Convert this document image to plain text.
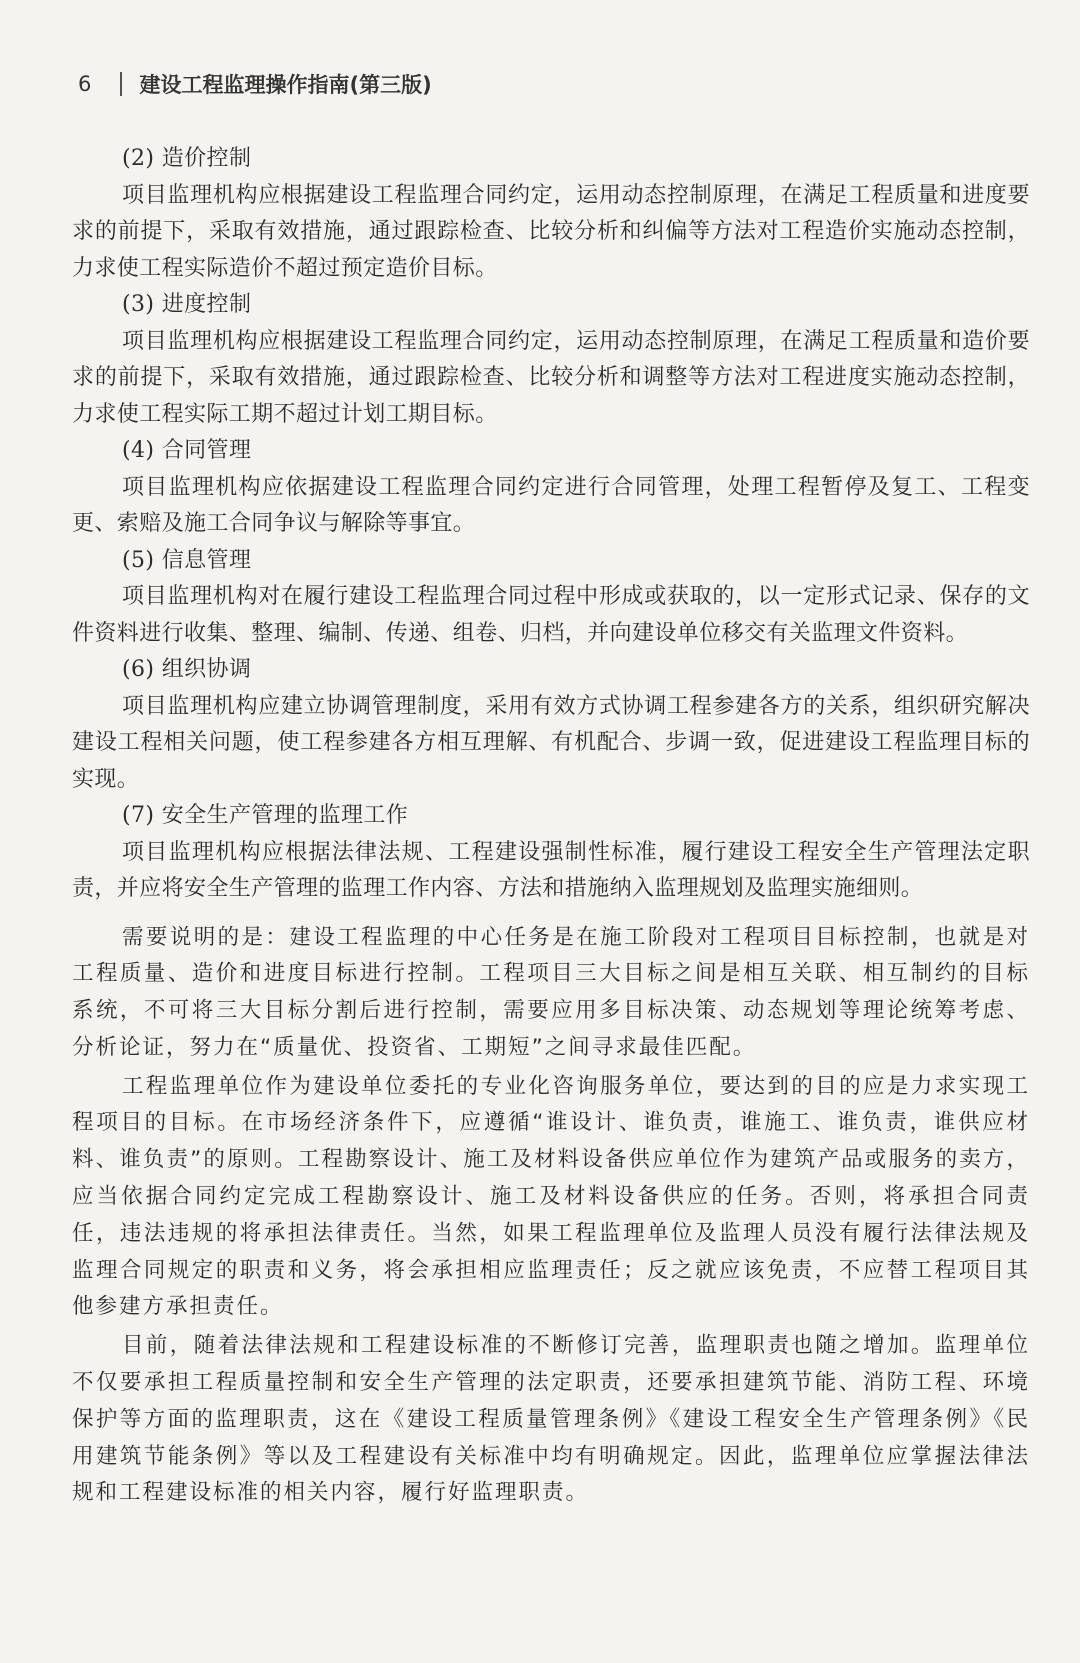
6	建设工程监理操作指南(第三版)

(2) 造价控制

项目监理机构应根据建设工程监理合同约定，运用动态控制原理，在满足工程质量和进度要求的前提下，采取有效措施，通过跟踪检查、比较分析和纠偏等方法对工程造价实施动态控制，力求使工程实际造价不超过预定造价目标。

(3) 进度控制

项目监理机构应根据建设工程监理合同约定，运用动态控制原理，在满足工程质量和造价要求的前提下，采取有效措施，通过跟踪检查、比较分析和调整等方法对工程进度实施动态控制，力求使工程实际工期不超过计划工期目标。

(4) 合同管理

项目监理机构应依据建设工程监理合同约定进行合同管理，处理工程暂停及复工、工程变更、索赔及施工合同争议与解除等事宜。

(5) 信息管理

项目监理机构对在履行建设工程监理合同过程中形成或获取的，以一定形式记录、保存的文件资料进行收集、整理、编制、传递、组卷、归档，并向建设单位移交有关监理文件资料。

(6) 组织协调

项目监理机构应建立协调管理制度，采用有效方式协调工程参建各方的关系，组织研究解决建设工程相关问题，使工程参建各方相互理解、有机配合、步调一致，促进建设工程监理目标的实现。

(7) 安全生产管理的监理工作

项目监理机构应根据法律法规、工程建设强制性标准，履行建设工程安全生产管理法定职责，并应将安全生产管理的监理工作内容、方法和措施纳入监理规划及监理实施细则。

需要说明的是：建设工程监理的中心任务是在施工阶段对工程项目目标控制，也就是对工程质量、造价和进度目标进行控制。工程项目三大目标之间是相互关联、相互制约的目标系统，不可将三大目标分割后进行控制，需要应用多目标决策、动态规划等理论统筹考虑、分析论证，努力在“质量优、投资省、工期短”之间寻求最佳匹配。

工程监理单位作为建设单位委托的专业化咨询服务单位，要达到的目的应是力求实现工程项目的目标。在市场经济条件下，应遵循“谁设计、谁负责，谁施工、谁负责，谁供应材料、谁负责”的原则。工程勘察设计、施工及材料设备供应单位作为建筑产品或服务的卖方，应当依据合同约定完成工程勘察设计、施工及材料设备供应的任务。否则，将承担合同责任，违法违规的将承担法律责任。当然，如果工程监理单位及监理人员没有履行法律法规及监理合同规定的职责和义务，将会承担相应监理责任；反之就应该免责，不应替工程项目其他参建方承担责任。

目前，随着法律法规和工程建设标准的不断修订完善，监理职责也随之增加。监理单位不仅要承担工程质量控制和安全生产管理的法定职责，还要承担建筑节能、消防工程、环境保护等方面的监理职责，这在《建设工程质量管理条例》《建设工程安全生产管理条例》《民用建筑节能条例》等以及工程建设有关标准中均有明确规定。因此，监理单位应掌握法律法规和工程建设标准的相关内容，履行好监理职责。
